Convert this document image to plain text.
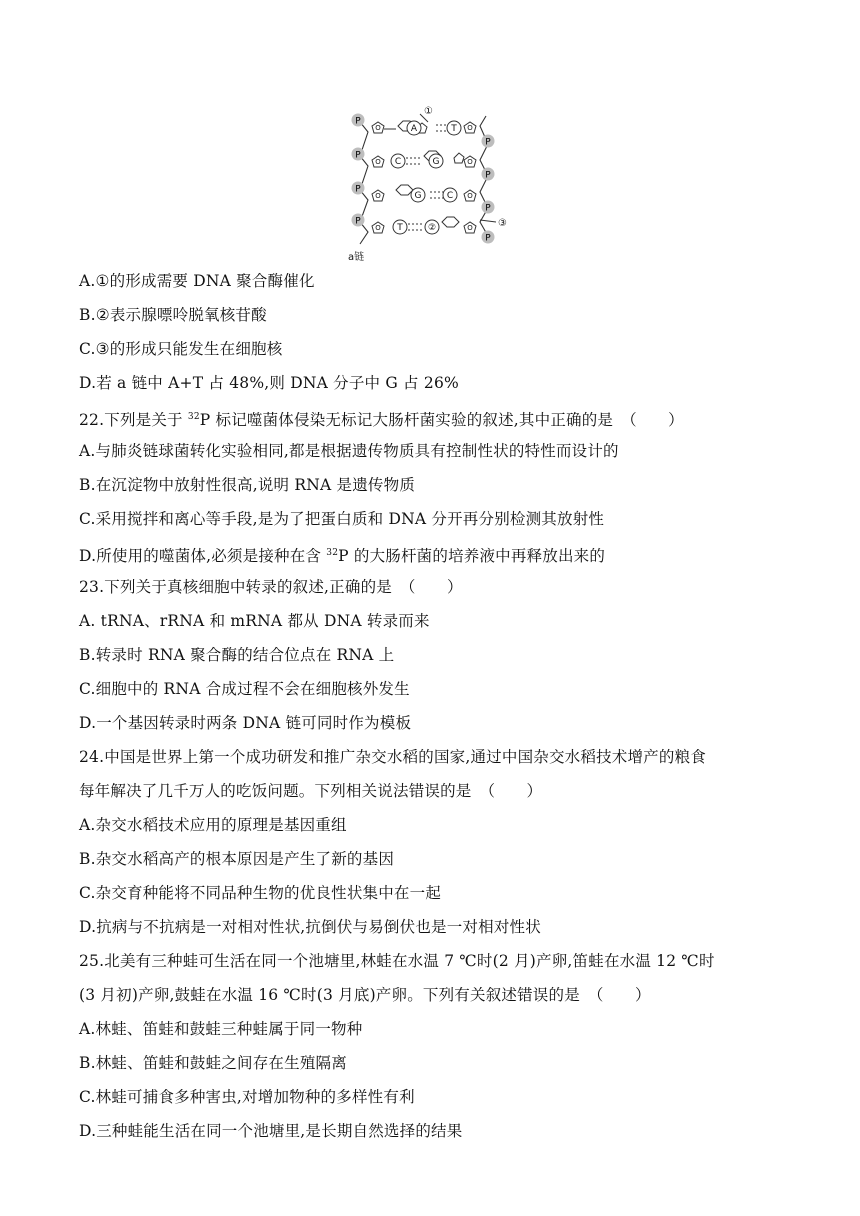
P
P
P
P
P
P
P
P
A	T
C	G
G	C
T	②
O
O
O
O
O
O
O
O
①
③
a链
A.①的形成需要 DNA 聚合酶催化
B.②表示腺嘌呤脱氧核苷酸
C.③的形成只能发生在细胞核
D.若 a 链中 A+T 占 48%,则 DNA 分子中 G 占 26%
22.下列是关于 $^{32}$P 标记噬菌体侵染无标记大肠杆菌实验的叙述,其中正确的是　（　　）
A.与肺炎链球菌转化实验相同,都是根据遗传物质具有控制性状的特性而设计的
B.在沉淀物中放射性很高,说明 RNA 是遗传物质
C.采用搅拌和离心等手段,是为了把蛋白质和 DNA 分开再分别检测其放射性
D.所使用的噬菌体,必须是接种在含 $^{32}$P 的大肠杆菌的培养液中再释放出来的
23.下列关于真核细胞中转录的叙述,正确的是　（　　）
A. tRNA、rRNA 和 mRNA 都从 DNA 转录而来
B.转录时 RNA 聚合酶的结合位点在 RNA 上
C.细胞中的 RNA 合成过程不会在细胞核外发生
D.一个基因转录时两条 DNA 链可同时作为模板
24.中国是世界上第一个成功研发和推广杂交水稻的国家,通过中国杂交水稻技术增产的粮食
每年解决了几千万人的吃饭问题。下列相关说法错误的是　（　　）
A.杂交水稻技术应用的原理是基因重组
B.杂交水稻高产的根本原因是产生了新的基因
C.杂交育种能将不同品种生物的优良性状集中在一起
D.抗病与不抗病是一对相对性状,抗倒伏与易倒伏也是一对相对性状
25.北美有三种蛙可生活在同一个池塘里,林蛙在水温 7 ℃时(2 月)产卵,笛蛙在水温 12 ℃时
(3 月初)产卵,鼓蛙在水温 16 ℃时(3 月底)产卵。下列有关叙述错误的是　（　　）
A.林蛙、笛蛙和鼓蛙三种蛙属于同一物种
B.林蛙、笛蛙和鼓蛙之间存在生殖隔离
C.林蛙可捕食多种害虫,对增加物种的多样性有利
D.三种蛙能生活在同一个池塘里,是长期自然选择的结果
